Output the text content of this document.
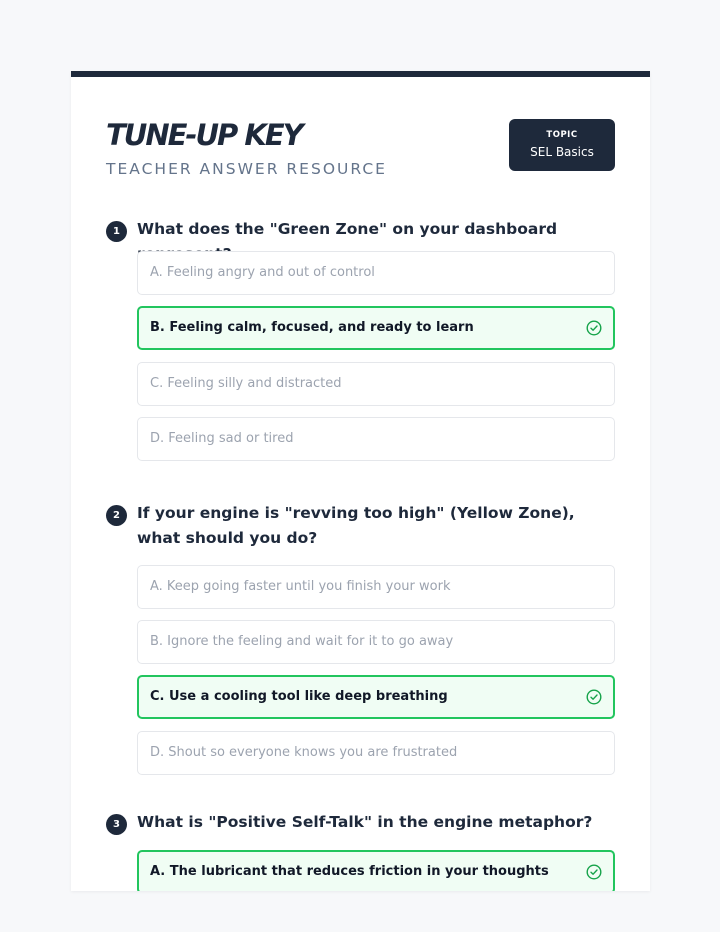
TUNE-UP KEY
TEACHER ANSWER RESOURCE
TOPIC
SEL Basics
1	What does the "Green Zone" on your dashboard
A. Feeling angry and out of control
B. Feeling calm, focused, and ready to learn
C. Feeling silly and distracted
D. Feeling sad or tired
2	If your engine is "revving too high" (Yellow Zone), what should you do?
A. Keep going faster until you finish your work
B. Ignore the feeling and wait for it to go away
C. Use a cooling tool like deep breathing
D. Shout so everyone knows you are frustrated
3	What is "Positive Self-Talk" in the engine metaphor?
A. The lubricant that reduces friction in your thoughts
